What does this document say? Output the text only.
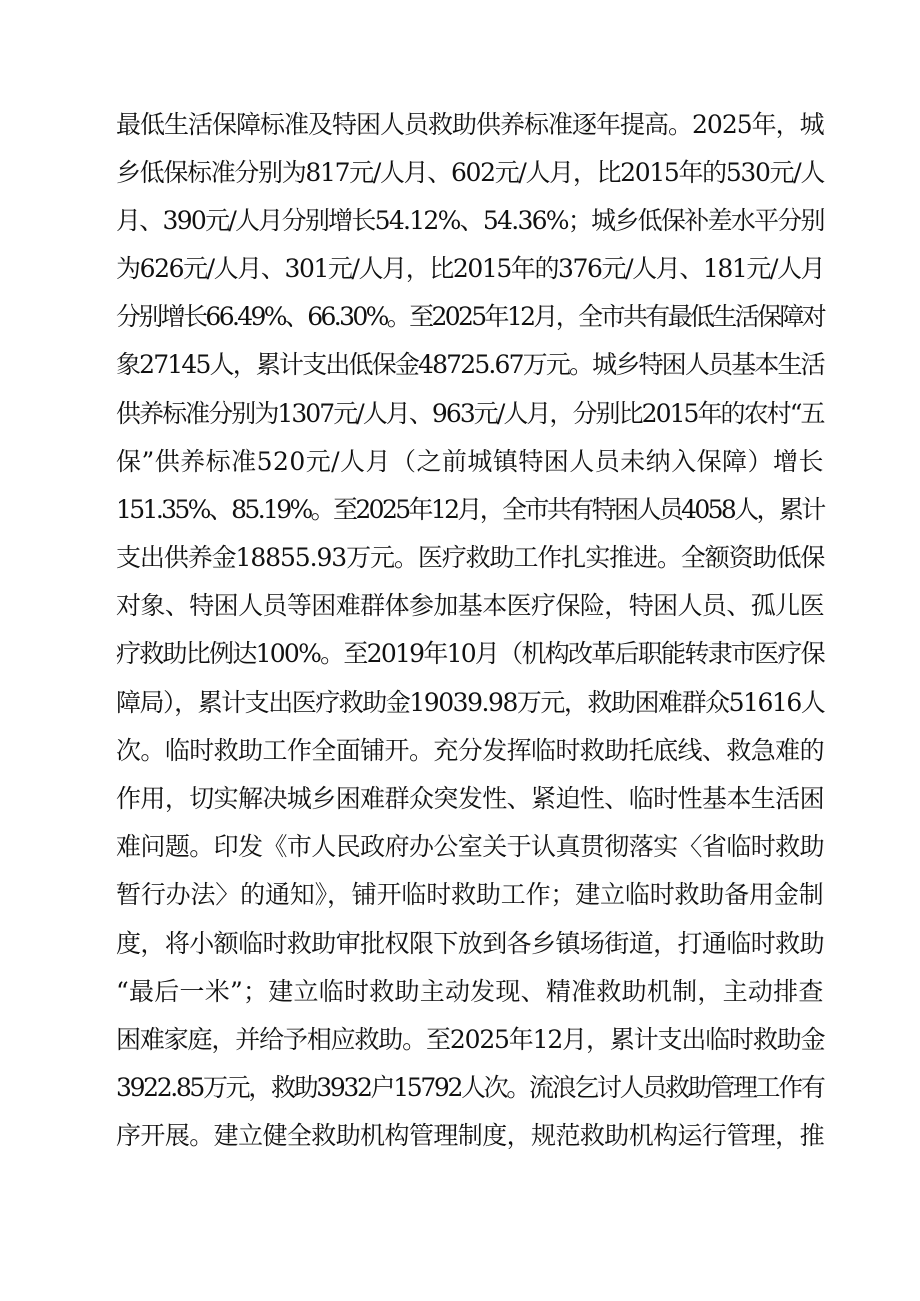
最低生活保障标准及特困人员救助供养标准逐年提高。2025年，城
乡低保标准分别为817元/人月、602元/人月，比2015年的530元/人
月、390元/人月分别增长54.12%、54.36%；城乡低保补差水平分别
为626元/人月、301元/人月，比2015年的376元/人月、181元/人月
分别增长66.49%、66.30%。至2025年12月，全市共有最低生活保障对
象27145人，累计支出低保金48725.67万元。城乡特困人员基本生活
供养标准分别为1307元/人月、963元/人月，分别比2015年的农村“五
保”供养标准520元/人月（之前城镇特困人员未纳入保障）增长
151.35%、85.19%。至2025年12月，全市共有特困人员4058人，累计
支出供养金18855.93万元。医疗救助工作扎实推进。全额资助低保
对象、特困人员等困难群体参加基本医疗保险，特困人员、孤儿医
疗救助比例达100%。至2019年10月（机构改革后职能转隶市医疗保
障局），累计支出医疗救助金19039.98万元，救助困难群众51616人
次。临时救助工作全面铺开。充分发挥临时救助托底线、救急难的
作用，切实解决城乡困难群众突发性、紧迫性、临时性基本生活困
难问题。印发《市人民政府办公室关于认真贯彻落实〈省临时救助
暂行办法〉的通知》，铺开临时救助工作；建立临时救助备用金制
度，将小额临时救助审批权限下放到各乡镇场街道，打通临时救助
“最后一米”；建立临时救助主动发现、精准救助机制，主动排查
困难家庭，并给予相应救助。至2025年12月，累计支出临时救助金
3922.85万元，救助3932户15792人次。流浪乞讨人员救助管理工作有
序开展。建立健全救助机构管理制度，规范救助机构运行管理，推
